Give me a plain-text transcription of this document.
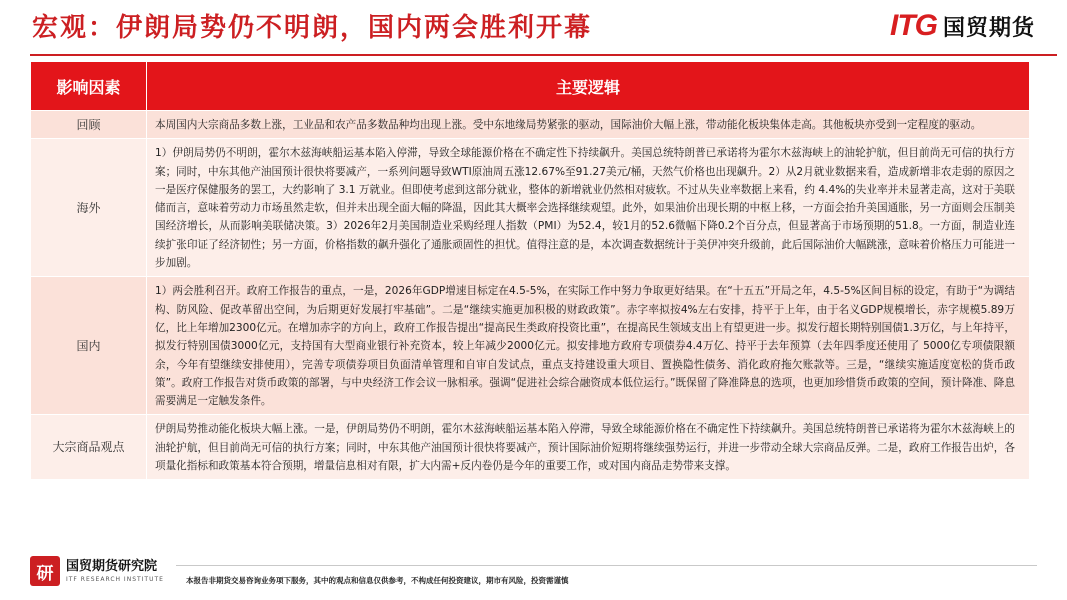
宏观：伊朗局势仍不明朗，国内两会胜利开幕	ITG 国贸期货
影响因素	主要逻辑
回顾	本周国内大宗商品多数上涨，工业品和农产品多数品种均出现上涨。受中东地缘局势紧张的驱动，国际油价大幅上涨，带动能化板块集体走高。其他板块亦受到一定程度的驱动。
海外	1）伊朗局势仍不明朗，霍尔木兹海峡船运基本陷入停滞，导致全球能源价格在不确定性下持续飙升。美国总统特朗普已承诺将为霍尔木兹海峡上的油轮护航，但目前尚无可信的执行方案；同时，中东其他产油国预计很快将要减产，一系列问题导致WTI原油周五涨12.67%至91.27美元/桶，天然气价格也出现飙升。2）从2月就业数据来看，造成新增非农走弱的原因之一是医疗保健服务的罢工，大约影响了 3.1 万就业。但即使考虑到这部分就业，整体的新增就业仍然相对疲软。不过从失业率数据上来看，约 4.4%的失业率并未显著走高，这对于美联储而言，意味着劳动力市场虽然走软，但并未出现全面大幅的降温，因此其大概率会选择继续观望。此外，如果油价出现长期的中枢上移，一方面会抬升美国通胀，另一方面则会压制美国经济增长，从而影响美联储决策。3）2026年2月美国制造业采购经理人指数（PMI）为52.4，较1月的52.6微幅下降0.2个百分点，但显著高于市场预期的51.8。一方面，制造业连续扩张印证了经济韧性；另一方面，价格指数的飙升强化了通胀顽固性的担忧。值得注意的是，本次调查数据统计于美伊冲突升级前，此后国际油价大幅跳涨，意味着价格压力可能进一步加剧。
国内	1）两会胜利召开。政府工作报告的重点，一是，2026年GDP增速目标定在4.5-5%，在实际工作中努力争取更好结果。在“十五五”开局之年，4.5-5%区间目标的设定，有助于“为调结构、防风险、促改革留出空间，为后期更好发展打牢基础”。二是“继续实施更加积极的财政政策”。赤字率拟按4%左右安排，持平于上年，由于名义GDP规模增长，赤字规模5.89万亿，比上年增加2300亿元。在增加赤字的方向上，政府工作报告提出“提高民生类政府投资比重”，在提高民生领域支出上有望更进一步。拟发行超长期特别国债1.3万亿，与上年持平，拟发行特别国债3000亿元，支持国有大型商业银行补充资本，较上年减少2000亿元。拟安排地方政府专项债券4.4万亿、持平于去年预算（去年四季度还使用了 5000亿专项债限额余，今年有望继续安排使用），完善专项债券项目负面清单管理和自审自发试点，重点支持建设重大项目、置换隐性债务、消化政府拖欠账款等。三是，“继续实施适度宽松的货币政策”。政府工作报告对货币政策的部署，与中央经济工作会议一脉相承。强调“促进社会综合融资成本低位运行。”既保留了降准降息的选项，也更加珍惜货币政策的空间，预计降准、降息需要满足一定触发条件。
大宗商品观点	伊朗局势推动能化板块大幅上涨。一是，伊朗局势仍不明朗，霍尔木兹海峡船运基本陷入停滞，导致全球能源价格在不确定性下持续飙升。美国总统特朗普已承诺将为霍尔木兹海峡上的油轮护航，但目前尚无可信的执行方案；同时，中东其他产油国预计很快将要减产，预计国际油价短期将继续强势运行，并进一步带动全球大宗商品反弹。二是，政府工作报告出炉，各项量化指标和政策基本符合预期，增量信息相对有限，扩大内需+反内卷仍是今年的重要工作，或对国内商品走势带来支撑。
研 国贸期货研究院
ITF RESEARCH INSTITUTE	本报告非期货交易咨询业务项下服务，其中的观点和信息仅供参考，不构成任何投资建议，期市有风险，投资需谨慎
